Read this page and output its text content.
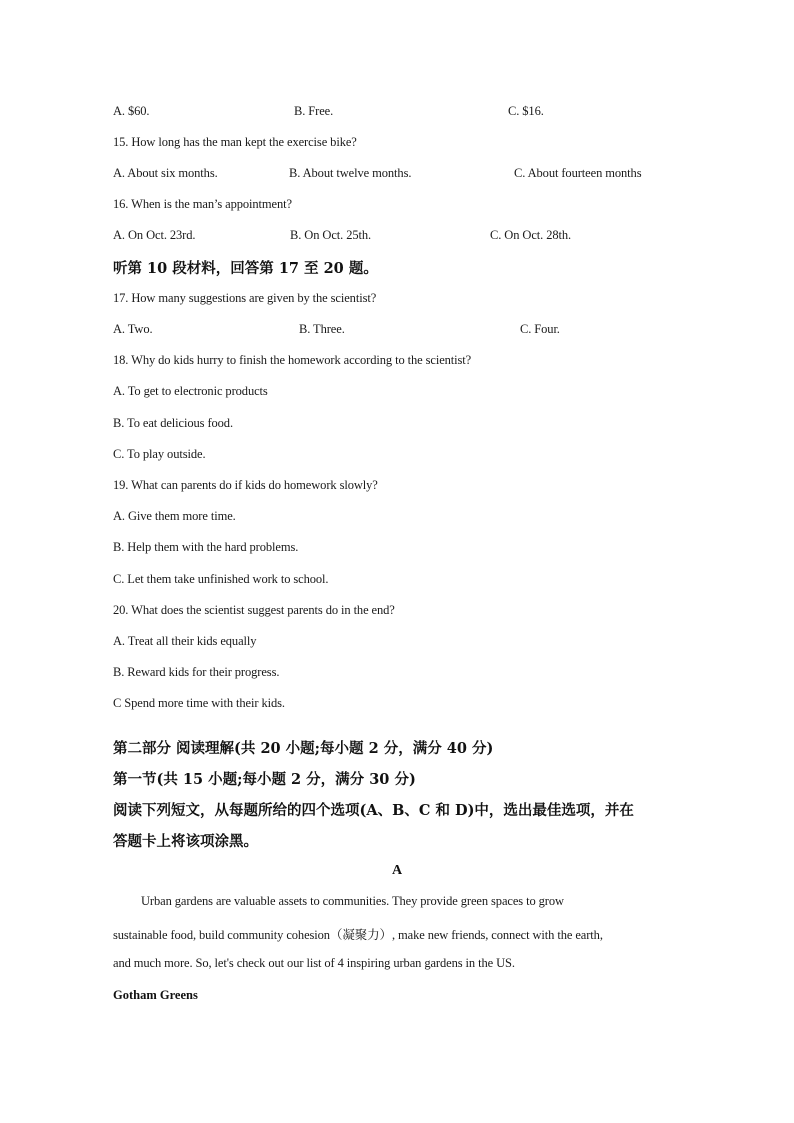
A. $60.	B. Free.	C. $16.
15. How long has the man kept the exercise bike?
A. About six months.	B. About twelve months.	C. About fourteen months
16. When is the man’s appointment?
A. On Oct. 23rd.	B. On Oct. 25th.	C. On Oct. 28th.
听第 10 段材料，回答第 17 至 20 题。
17. How many suggestions are given by the scientist?
A. Two.	B. Three.	C. Four.
18. Why do kids hurry to finish the homework according to the scientist?
A. To get to electronic products
B. To eat delicious food.
C. To play outside.
19. What can parents do if kids do homework slowly?
A. Give them more time.
B. Help them with the hard problems.
C. Let them take unfinished work to school.
20. What does the scientist suggest parents do in the end?
A. Treat all their kids equally
B. Reward kids for their progress.
C Spend more time with their kids.
第二部分 阅读理解(共 20 小题;每小题 2 分，满分 40 分)
第一节(共 15 小题;每小题 2 分，满分 30 分)
阅读下列短文，从每题所给的四个选项(A、B、C 和 D)中，选出最佳选项，并在
答题卡上将该项涂黑。
A
Urban gardens are valuable assets to communities. They provide green spaces to grow
sustainable food, build community cohesion（凝聚力）, make new friends, connect with the earth,
and much more. So, let's check out our list of 4 inspiring urban gardens in the US.
Gotham Greens
